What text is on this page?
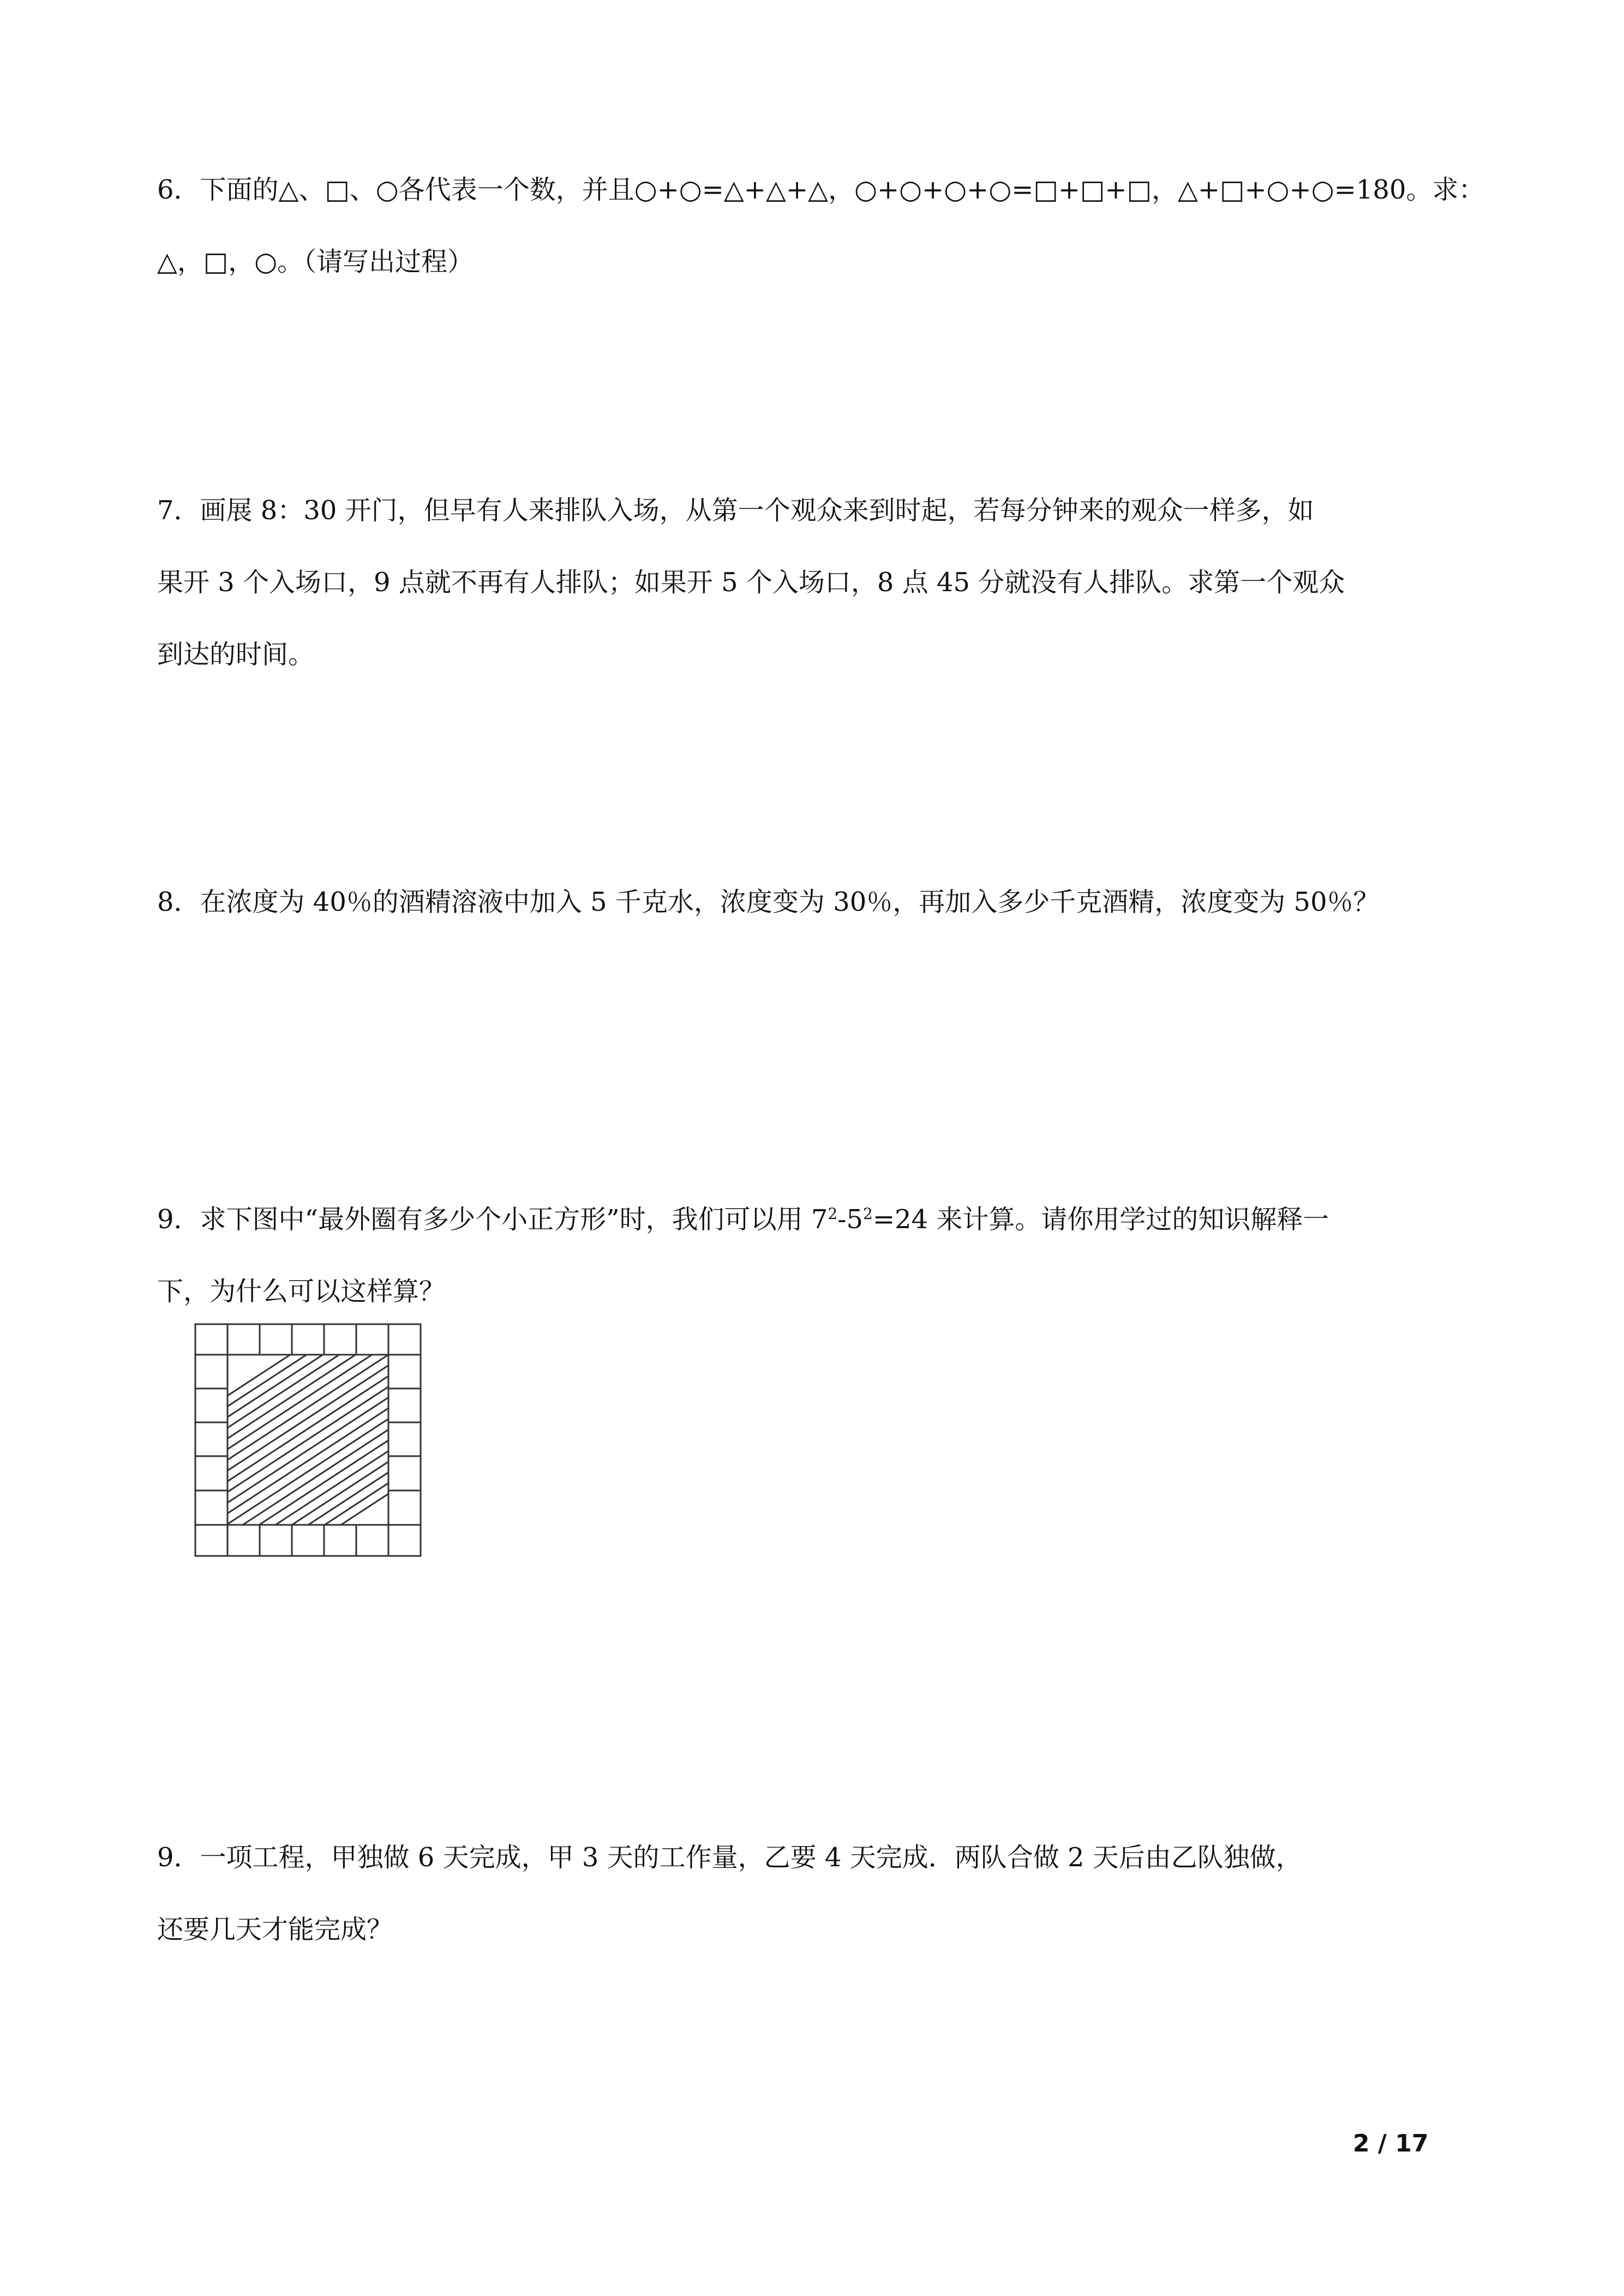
6．下面的△、□、○各代表一个数，并且○+○=△+△+△，○+○+○+○=□+□+□，△+□+○+○=180。求：

△，□，○。（请写出过程）

7．画展 8：30 开门，但早有人来排队入场，从第一个观众来到时起，若每分钟来的观众一样多，如

果开 3 个入场口，9 点就不再有人排队；如果开 5 个入场口，8 点 45 分就没有人排队。求第一个观众

到达的时间。

8．在浓度为 40％的酒精溶液中加入 5 千克水，浓度变为 30％，再加入多少千克酒精，浓度变为 50％？

9．求下图中“最外圈有多少个小正方形”时，我们可以用 $7^2-5^2=24$ 来计算。请你用学过的知识解释一

下，为什么可以这样算？

9．一项工程，甲独做 6 天完成，甲 3 天的工作量，乙要 4 天完成．两队合做 2 天后由乙队独做，

还要几天才能完成？

2 / 17
